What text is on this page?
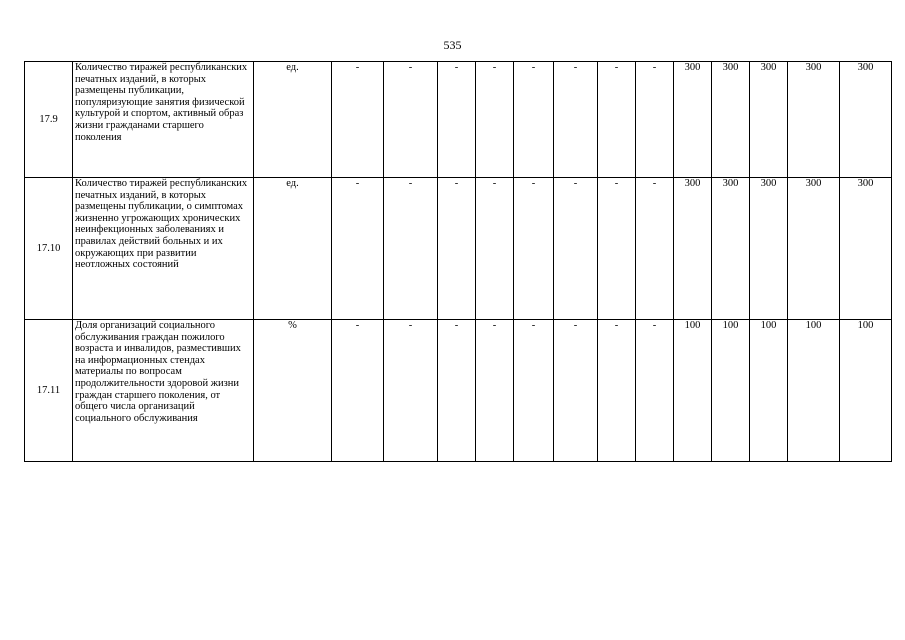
535
17.9	Количество тиражей республиканских печатных изданий, в которых размещены публикации, популяризующие занятия физической культурой и спортом, активный образ жизни гражданами старшего поколения	ед.	-	-	-	-	-	-	-	-	300	300	300	300	300
17.10	Количество тиражей республиканских печатных изданий, в которых размещены публикации, о симптомах жизненно угрожающих хронических неинфекционных заболеваниях и правилах действий больных и их окружающих при развитии неотложных состояний	ед.	-	-	-	-	-	-	-	-	300	300	300	300	300
17.11	Доля организаций социального обслуживания граждан пожилого возраста и инвалидов, разместивших на информационных стендах материалы по вопросам продолжительности здоровой жизни граждан старшего поколения, от общего числа организаций социального обслуживания	%	-	-	-	-	-	-	-	-	100	100	100	100	100
